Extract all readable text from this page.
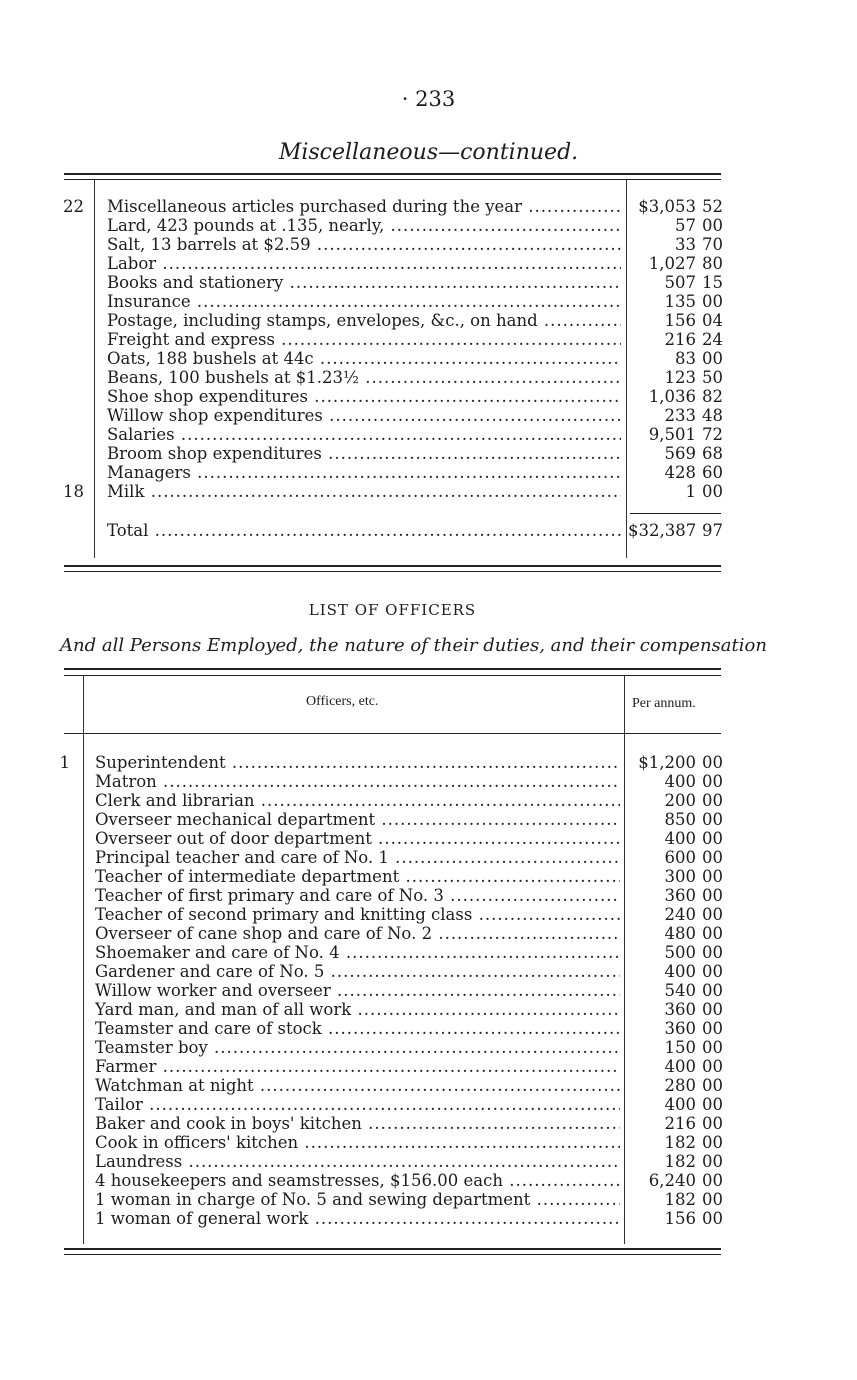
· 233
Miscellaneous—continued.
22 Miscellaneous articles purchased during the year .....	$3,053 52
Lard, 423 pounds at .135, nearly, .....	57 00
Salt, 13 barrels at $2.59 .....	33 70
Labor .....	1,027 80
Books and stationery .....	507 15
Insurance .....	135 00
Postage, including stamps, envelopes, &c., on hand .....	156 04
Freight and express .....	216 24
Oats, 188 bushels at 44c .....	83 00
Beans, 100 bushels at $1.23½ .....	123 50
Shoe shop expenditures .....	1,036 82
Willow shop expenditures .....	233 48
Salaries .....	9,501 72
Broom shop expenditures .....	569 68
Managers .....	428 60
18 Milk .....	1 00
Total .....	$32,387 97
LIST OF OFFICERS
And all Persons Employed, the nature of their duties, and their compensation
Officers, etc.	Per annum.
1 Superintendent .....	$1,200 00
Matron .....	400 00
Clerk and librarian .....	200 00
Overseer mechanical department .....	850 00
Overseer out of door department .....	400 00
Principal teacher and care of No. 1 .....	600 00
Teacher of intermediate department .....	300 00
Teacher of first primary and care of No. 3 .....	360 00
Teacher of second primary and knitting class .....	240 00
Overseer of cane shop and care of No. 2 .....	480 00
Shoemaker and care of No. 4 .....	500 00
Gardener and care of No. 5 .....	400 00
Willow worker and overseer .....	540 00
Yard man, and man of all work .....	360 00
Teamster and care of stock .....	360 00
Teamster boy .....	150 00
Farmer .....	400 00
Watchman at night .....	280 00
Tailor .....	400 00
Baker and cook in boys' kitchen .....	216 00
Cook in officers' kitchen .....	182 00
Laundress .....	182 00
4 housekeepers and seamstresses, $156.00 each .....	6,240 00
1 woman in charge of No. 5 and sewing department .....	182 00
1 woman of general work .....	156 00
